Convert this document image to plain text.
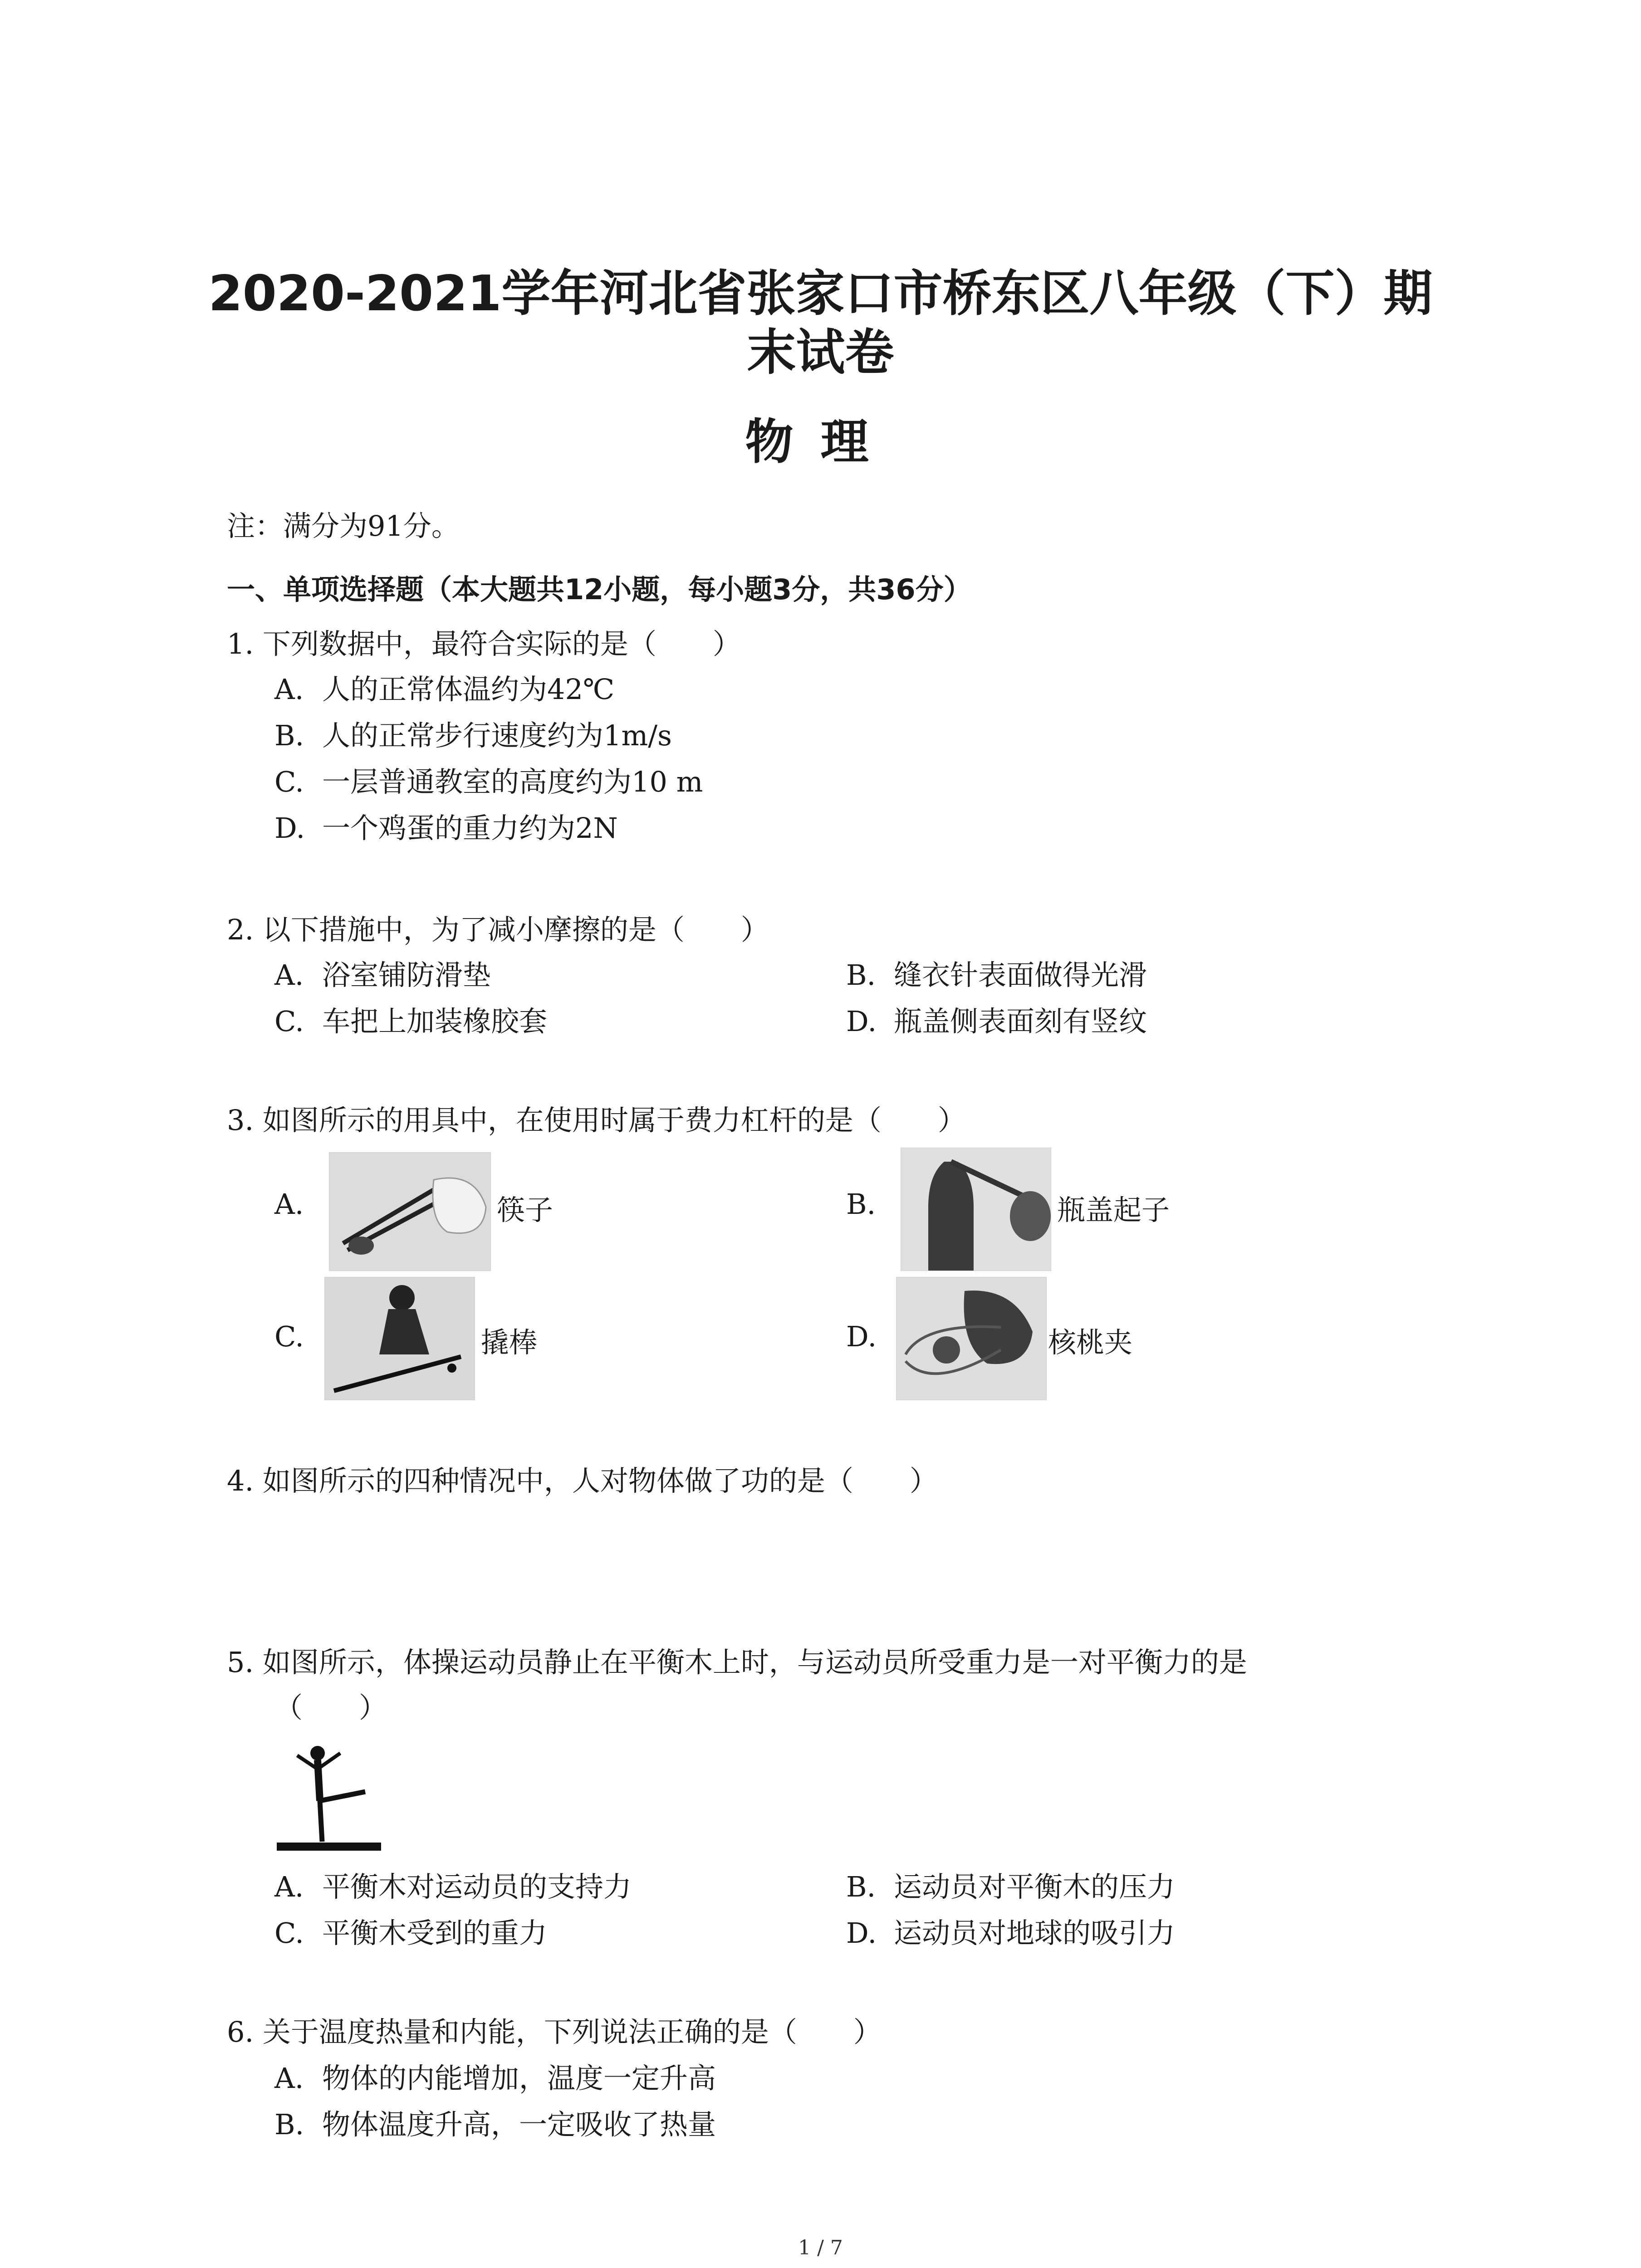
2020-2021学年河北省张家口市桥东区八年级（下）期
末试卷
物理
注：满分为91分。
一、单项选择题（本大题共12小题，每小题3分，共36分）
1. 下列数据中，最符合实际的是（　　）
A. 人的正常体温约为42℃
B. 人的正常步行速度约为1m/s
C. 一层普通教室的高度约为10 m
D. 一个鸡蛋的重力约为2N
2. 以下措施中，为了减小摩擦的是（　　）
A. 浴室铺防滑垫	B. 缝衣针表面做得光滑
C. 车把上加装橡胶套	D. 瓶盖侧表面刻有竖纹
3. 如图所示的用具中，在使用时属于费力杠杆的是（　　）
A.	筷子	B.	瓶盖起子
C.	撬棒	D.	核桃夹
4. 如图所示的四种情况中，人对物体做了功的是（　　）
5. 如图所示，体操运动员静止在平衡木上时，与运动员所受重力是一对平衡力的是
（　　）
A. 平衡木对运动员的支持力	B. 运动员对平衡木的压力
C. 平衡木受到的重力	D. 运动员对地球的吸引力
6. 关于温度热量和内能，下列说法正确的是（　　）
A. 物体的内能增加，温度一定升高
B. 物体温度升高，一定吸收了热量
1 / 7
